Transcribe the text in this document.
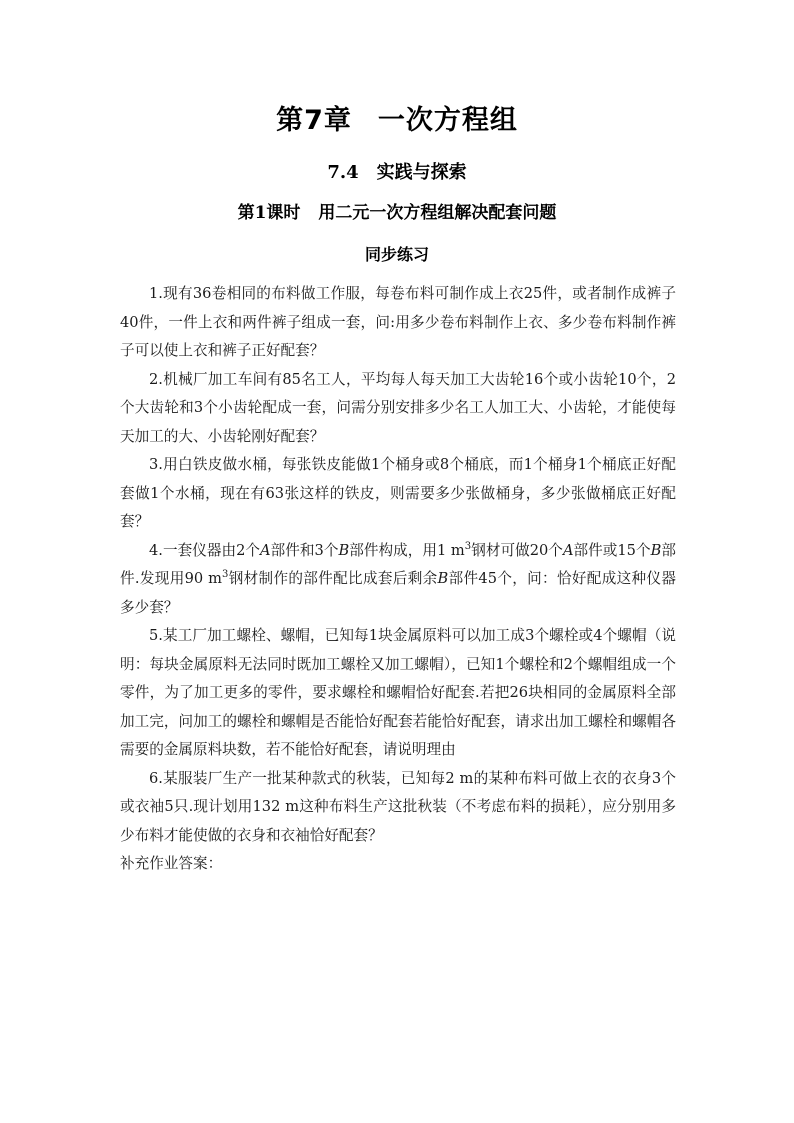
第7章 一次方程组
7.4 实践与探索
第1课时 用二元一次方程组解决配套问题
同步练习

1.现有36卷相同的布料做工作服，每卷布料可制作成上衣25件，或者制作成裤子40件，一件上衣和两件裤子组成一套，问:用多少卷布料制作上衣、多少卷布料制作裤子可以使上衣和裤子正好配套？

2.机械厂加工车间有85名工人，平均每人每天加工大齿轮16个或小齿轮10个，2个大齿轮和3个小齿轮配成一套，问需分别安排多少名工人加工大、小齿轮，才能使每天加工的大、小齿轮刚好配套？

3.用白铁皮做水桶，每张铁皮能做1个桶身或8个桶底，而1个桶身1个桶底正好配套做1个水桶，现在有63张这样的铁皮，则需要多少张做桶身，多少张做桶底正好配套？

4.一套仪器由2个A部件和3个B部件构成，用1 $m^3$钢材可做20个A部件或15个B部件.发现用90 $m^3$钢材制作的部件配比成套后剩余B部件45个，问：恰好配成这种仪器多少套？

5.某工厂加工螺栓、螺帽，已知每1块金属原料可以加工成3个螺栓或4个螺帽（说明：每块金属原料无法同时既加工螺栓又加工螺帽），已知1个螺栓和2个螺帽组成一个零件，为了加工更多的零件，要求螺栓和螺帽恰好配套.若把26块相同的金属原料全部加工完，问加工的螺栓和螺帽是否能恰好配套若能恰好配套，请求出加工螺栓和螺帽各需要的金属原料块数，若不能恰好配套，请说明理由

6.某服装厂生产一批某种款式的秋装，已知每2 m的某种布料可做上衣的衣身3个或衣袖5只.现计划用132 m这种布料生产这批秋装（不考虑布料的损耗），应分别用多少布料才能使做的衣身和衣袖恰好配套？

补充作业答案：
